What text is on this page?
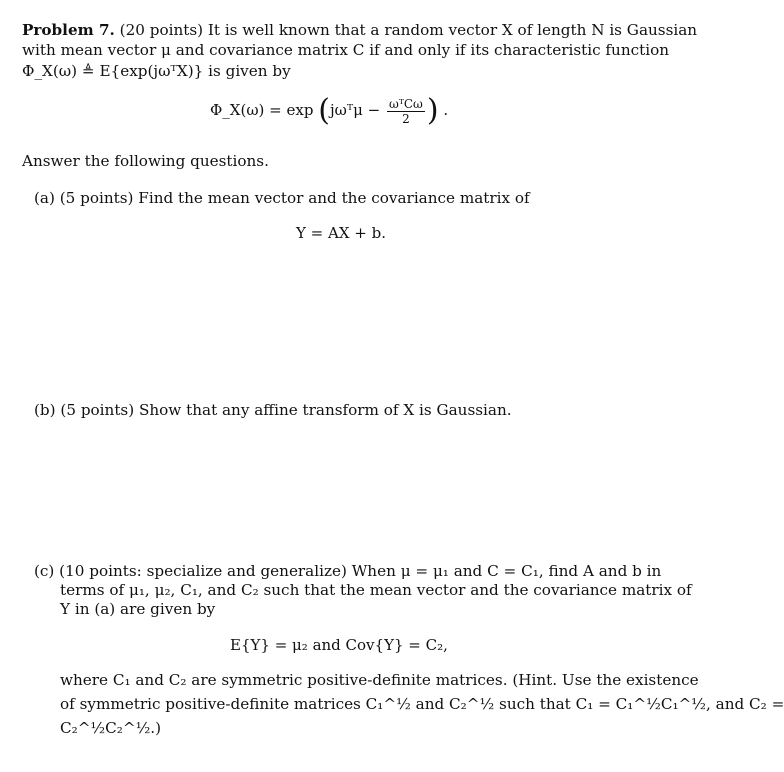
Problem 7. (20 points) It is well known that a random vector X of length N is Gaussian
with mean vector μ and covariance matrix C if and only if its characteristic function
Φ_X(ω) ≜ E{exp(jωᵀX)} is given by
Φ_X(ω) = exp (jωᵀμ − $\frac{\text{ωᵀCω}}{2}$ ) .
Answer the following questions.
(a) (5 points) Find the mean vector and the covariance matrix of
Y = AX + b.
(b) (5 points) Show that any affine transform of X is Gaussian.
(c) (10 points: specialize and generalize) When μ = μ₁ and C = C₁, find A and b in
terms of μ₁, μ₂, C₁, and C₂ such that the mean vector and the covariance matrix of
Y in (a) are given by
E{Y} = μ₂ and Cov{Y} = C₂,
where C₁ and C₂ are symmetric positive-definite matrices. (Hint. Use the existence
of symmetric positive-definite matrices C₁^½ and C₂^½ such that C₁ = C₁^½C₁^½, and C₂ =
C₂^½C₂^½.)
